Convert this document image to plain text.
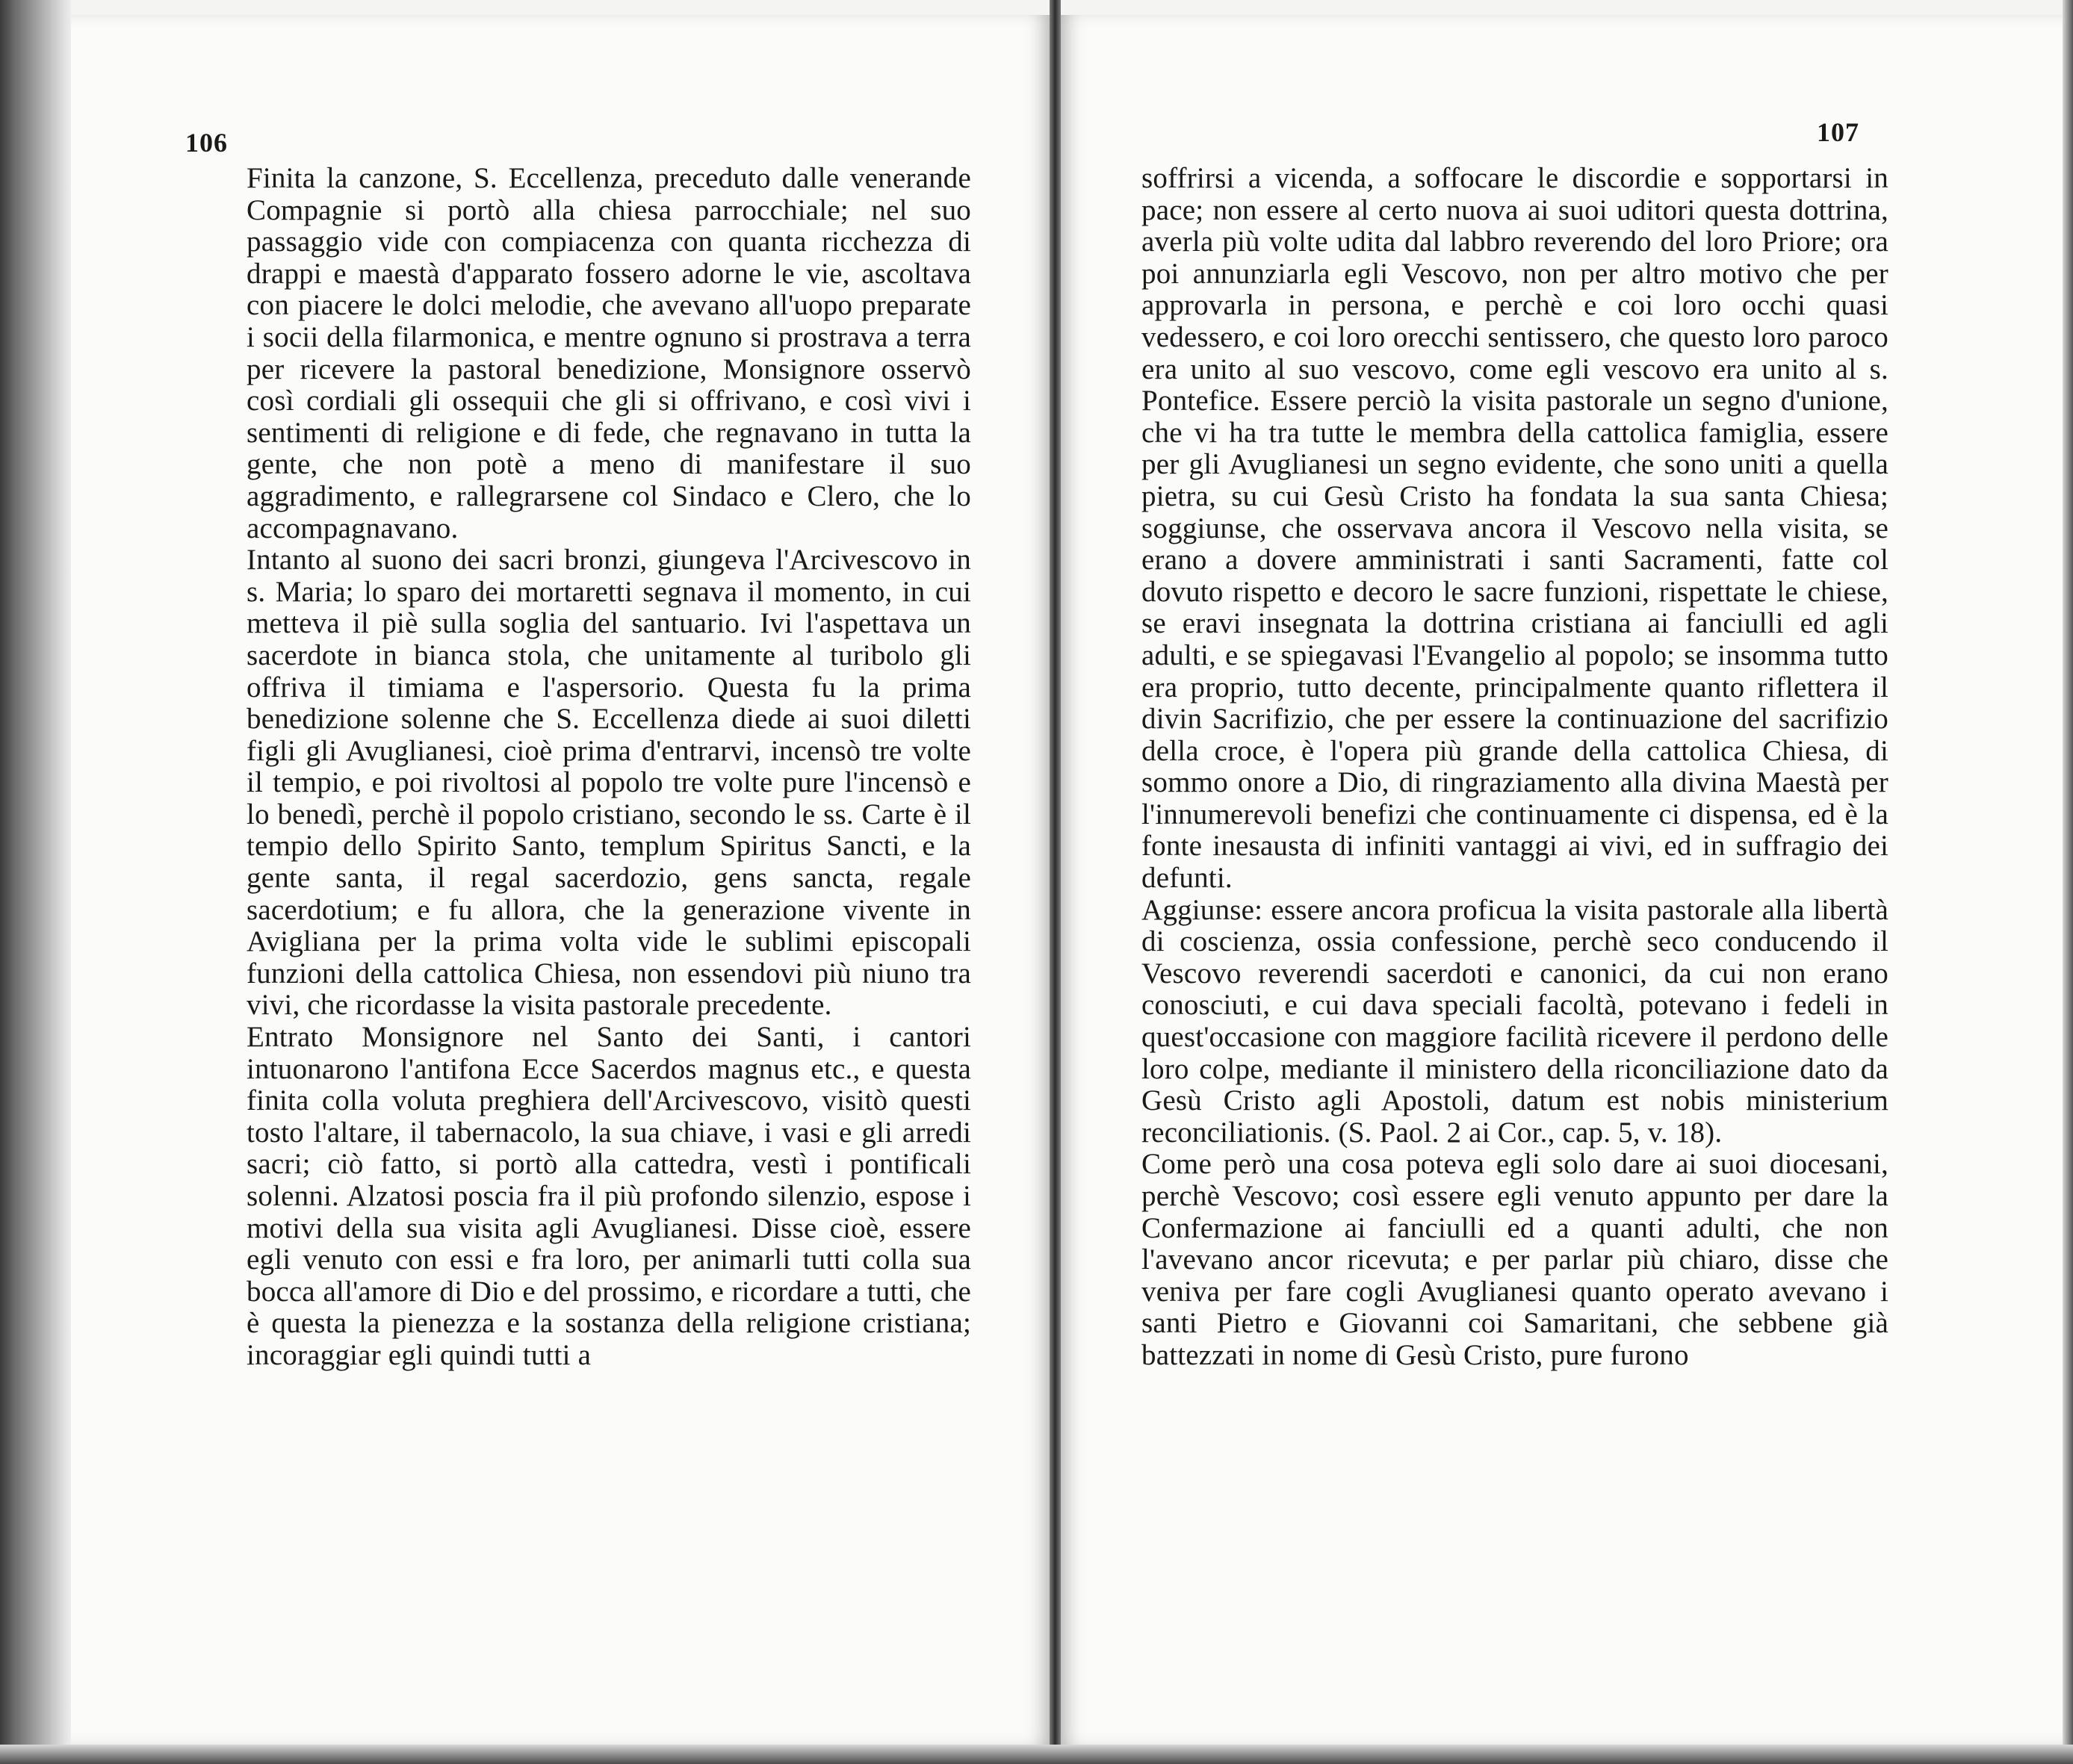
106	107
Finita la canzone, S. Eccellenza, preceduto dalle venerande Compagnie si portò alla chiesa parrocchiale; nel suo passaggio vide con compiacenza con quanta ricchezza di drappi e maestà d'apparato fossero adorne le vie, ascoltava con piacere le dolci melodie, che avevano all'uopo preparate i socii della filarmonica, e mentre ognuno si prostrava a terra per ricevere la pastoral benedizione, Monsignore osservò così cordiali gli ossequii che gli si offrivano, e così vivi i sentimenti di religione e di fede, che regnavano in tutta la gente, che non potè a meno di manifestare il suo aggradimento, e rallegrarsene col Sindaco e Clero, che lo accompagnavano.
Intanto al suono dei sacri bronzi, giungeva l'Arcivescovo in s. Maria; lo sparo dei mortaretti segnava il momento, in cui metteva il piè sulla soglia del santuario. Ivi l'aspettava un sacerdote in bianca stola, che unitamente al turibolo gli offriva il timiama e l'aspersorio. Questa fu la prima benedizione solenne che S. Eccellenza diede ai suoi diletti figli gli Avuglianesi, cioè prima d'entrarvi, incensò tre volte il tempio, e poi rivoltosi al popolo tre volte pure l'incensò e lo benedì, perchè il popolo cristiano, secondo le ss. Carte è il tempio dello Spirito Santo, templum Spiritus Sancti, e la gente santa, il regal sacerdozio, gens sancta, regale sacerdotium; e fu allora, che la generazione vivente in Avigliana per la prima volta vide le sublimi episcopali funzioni della cattolica Chiesa, non essendovi più niuno tra vivi, che ricordasse la visita pastorale precedente.
Entrato Monsignore nel Santo dei Santi, i cantori intuonarono l'antifona Ecce Sacerdos magnus etc., e questa finita colla voluta preghiera dell'Arcivescovo, visitò questi tosto l'altare, il tabernacolo, la sua chiave, i vasi e gli arredi sacri; ciò fatto, si portò alla cattedra, vestì i pontificali solenni. Alzatosi poscia fra il più profondo silenzio, espose i motivi della sua visita agli Avuglianesi. Disse cioè, essere egli venuto con essi e fra loro, per animarli tutti colla sua bocca all'amore di Dio e del prossimo, e ricordare a tutti, che è questa la pienezza e la sostanza della religione cristiana; incoraggiar egli quindi tutti a
soffrirsi a vicenda, a soffocare le discordie e sopportarsi in pace; non essere al certo nuova ai suoi uditori questa dottrina, averla più volte udita dal labbro reverendo del loro Priore; ora poi annunziarla egli Vescovo, non per altro motivo che per approvarla in persona, e perchè e coi loro occhi quasi vedessero, e coi loro orecchi sentissero, che questo loro paroco era unito al suo vescovo, come egli vescovo era unito al s. Pontefice. Essere perciò la visita pastorale un segno d'unione, che vi ha tra tutte le membra della cattolica famiglia, essere per gli Avuglianesi un segno evidente, che sono uniti a quella pietra, su cui Gesù Cristo ha fondata la sua santa Chiesa; soggiunse, che osservava ancora il Vescovo nella visita, se erano a dovere amministrati i santi Sacramenti, fatte col dovuto rispetto e decoro le sacre funzioni, rispettate le chiese, se eravi insegnata la dottrina cristiana ai fanciulli ed agli adulti, e se spiegavasi l'Evangelio al popolo; se insomma tutto era proprio, tutto decente, principalmente quanto riflettera il divin Sacrifizio, che per essere la continuazione del sacrifizio della croce, è l'opera più grande della cattolica Chiesa, di sommo onore a Dio, di ringraziamento alla divina Maestà per l'innumerevoli benefizi che continuamente ci dispensa, ed è la fonte inesausta di infiniti vantaggi ai vivi, ed in suffragio dei defunti.
Aggiunse: essere ancora proficua la visita pastorale alla libertà di coscienza, ossia confessione, perchè seco conducendo il Vescovo reverendi sacerdoti e canonici, da cui non erano conosciuti, e cui dava speciali facoltà, potevano i fedeli in quest'occasione con maggiore facilità ricevere il perdono delle loro colpe, mediante il ministero della riconciliazione dato da Gesù Cristo agli Apostoli, datum est nobis ministerium reconciliationis. (S. Paol. 2 ai Cor., cap. 5, v. 18).
Come però una cosa poteva egli solo dare ai suoi diocesani, perchè Vescovo; così essere egli venuto appunto per dare la Confermazione ai fanciulli ed a quanti adulti, che non l'avevano ancor ricevuta; e per parlar più chiaro, disse che veniva per fare cogli Avuglianesi quanto operato avevano i santi Pietro e Giovanni coi Samaritani, che sebbene già battezzati in nome di Gesù Cristo, pure furono
